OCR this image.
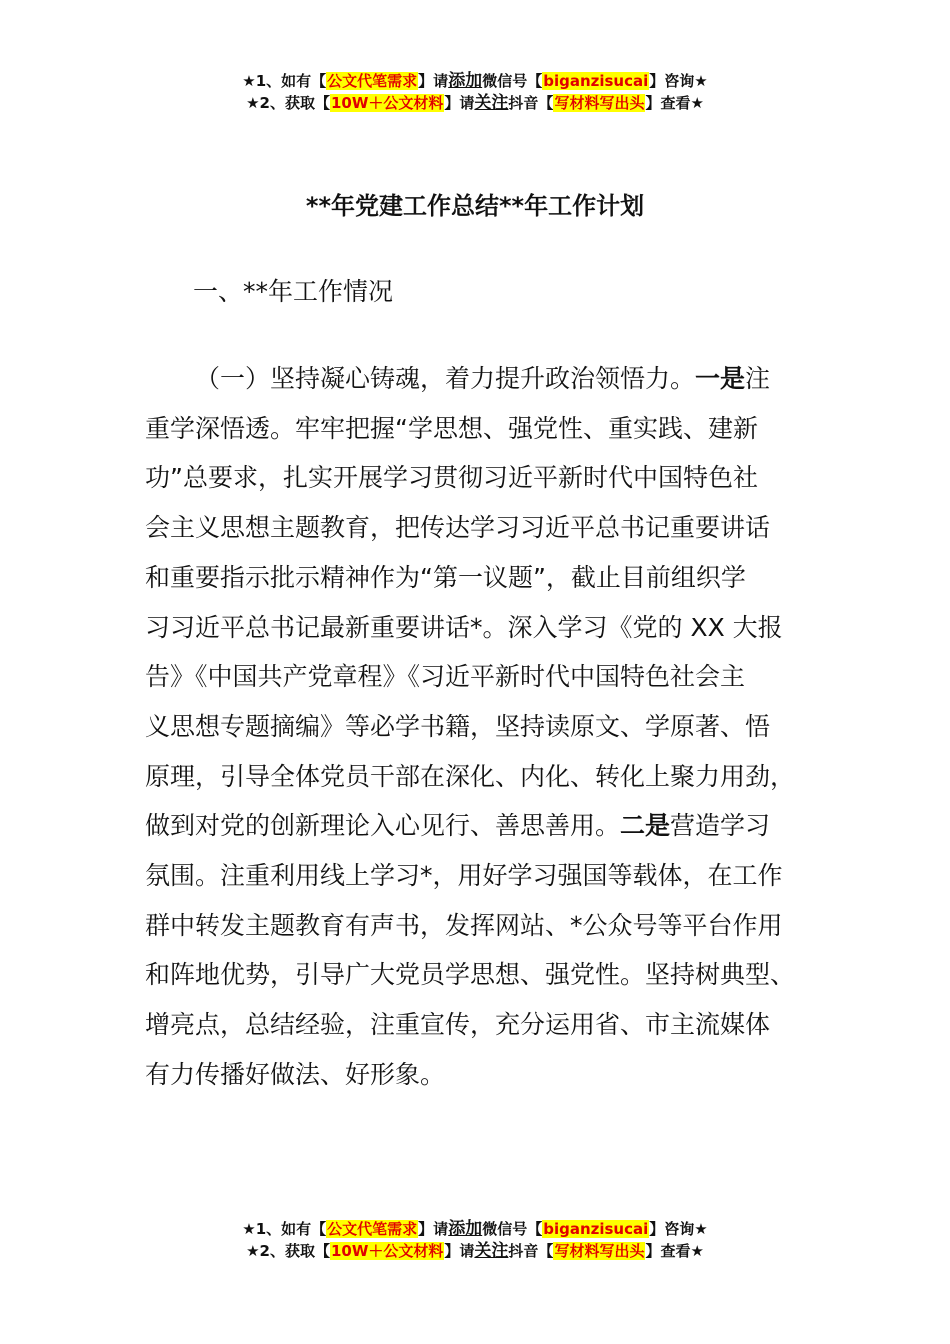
★1、如有【公文代笔需求】请添加微信号【biganzisucai】咨询★
★2、获取【10W＋公文材料】请关注抖音【写材料写出头】查看★
**年党建工作总结**年工作计划
一、**年工作情况
（一）坚持凝心铸魂，着力提升政治领悟力。一是注
重学深悟透。牢牢把握“学思想、强党性、重实践、建新
功”总要求，扎实开展学习贯彻习近平新时代中国特色社
会主义思想主题教育，把传达学习习近平总书记重要讲话
和重要指示批示精神作为“第一议题”，截止目前组织学
习习近平总书记最新重要讲话*。深入学习《党的 XX 大报
告》《中国共产党章程》《习近平新时代中国特色社会主
义思想专题摘编》等必学书籍，坚持读原文、学原著、悟
原理，引导全体党员干部在深化、内化、转化上聚力用劲，
做到对党的创新理论入心见行、善思善用。二是营造学习
氛围。注重利用线上学习*，用好学习强国等载体，在工作
群中转发主题教育有声书，发挥网站、*公众号等平台作用
和阵地优势，引导广大党员学思想、强党性。坚持树典型、
增亮点，总结经验，注重宣传，充分运用省、市主流媒体
有力传播好做法、好形象。
★1、如有【公文代笔需求】请添加微信号【biganzisucai】咨询★
★2、获取【10W＋公文材料】请关注抖音【写材料写出头】查看★
